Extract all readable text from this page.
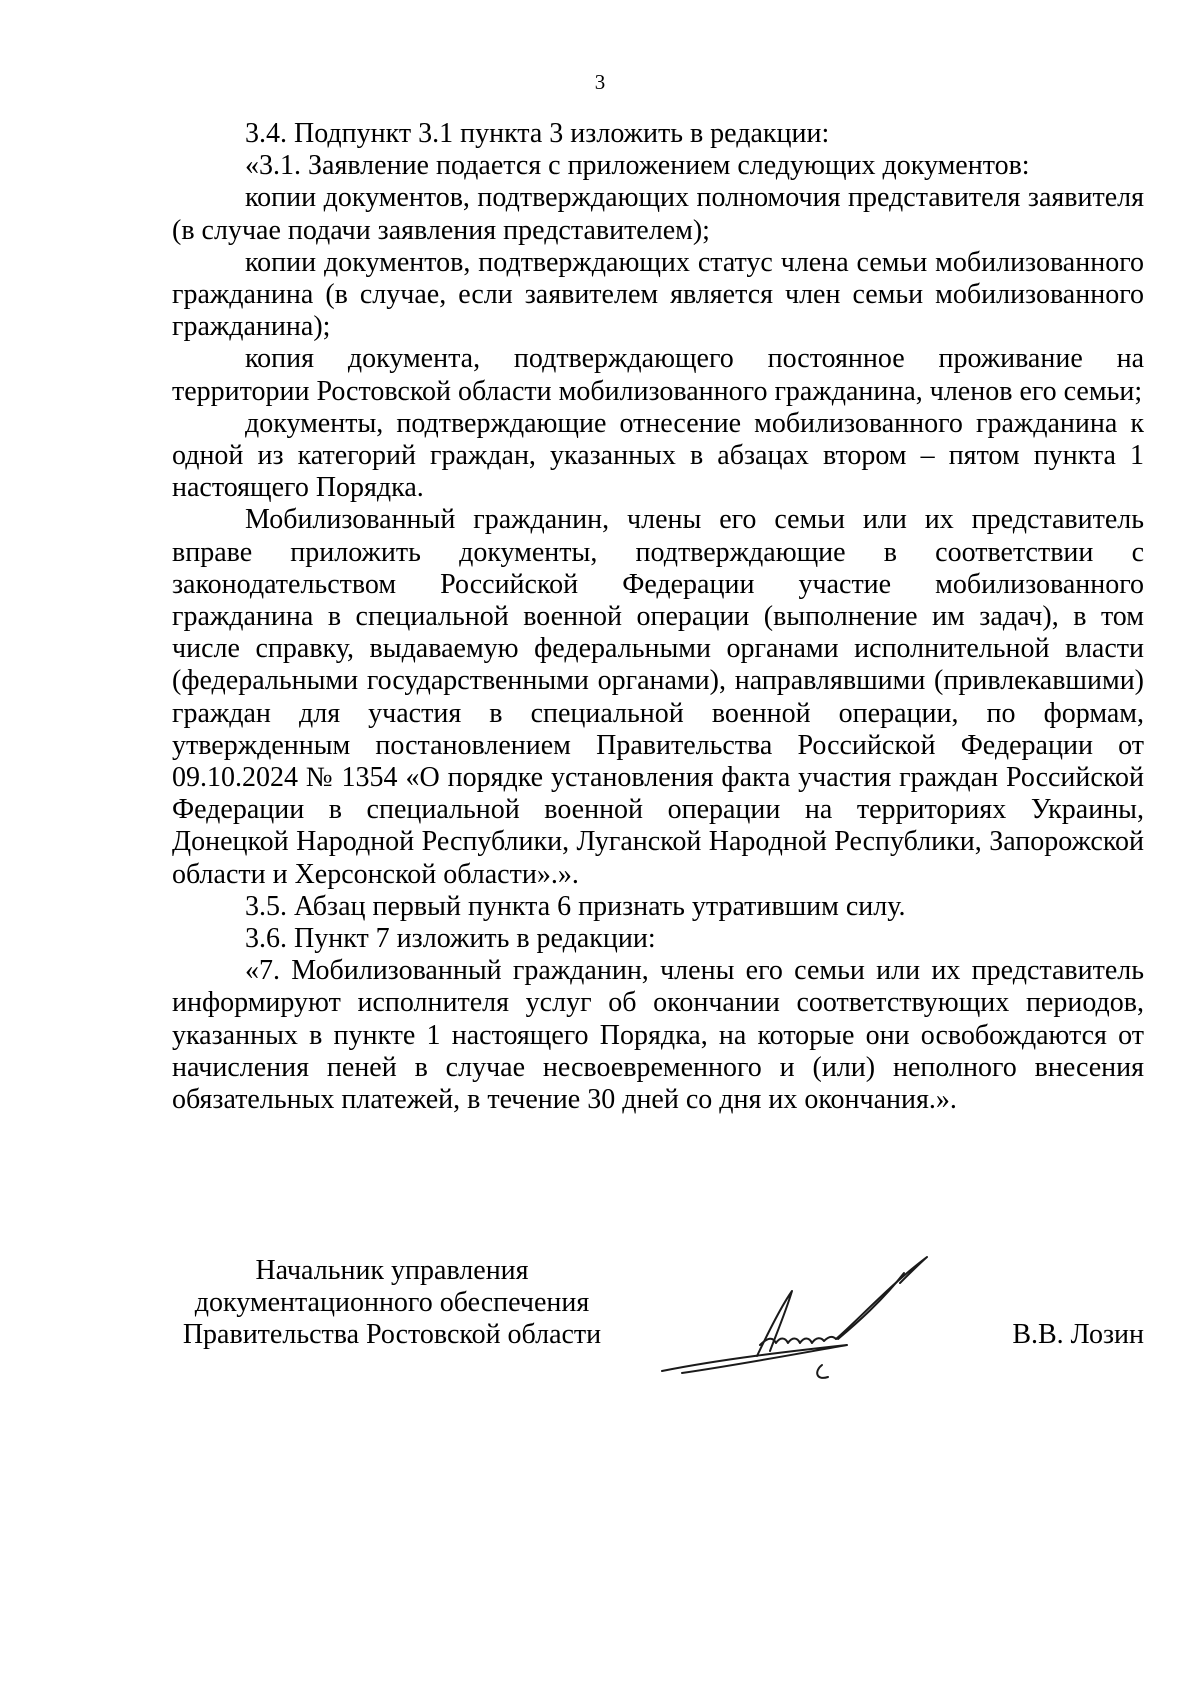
3

3.4. Подпункт 3.1 пункта 3 изложить в редакции:

«3.1. Заявление подается с приложением следующих документов:

копии документов, подтверждающих полномочия представителя заявителя (в случае подачи заявления представителем);

копии документов, подтверждающих статус члена семьи мобилизованного гражданина (в случае, если заявителем является член семьи мобилизованного гражданина);

копия документа, подтверждающего постоянное проживание на территории Ростовской области мобилизованного гражданина, членов его семьи;

документы, подтверждающие отнесение мобилизованного гражданина к одной из категорий граждан, указанных в абзацах втором – пятом пункта 1 настоящего Порядка.

Мобилизованный гражданин, члены его семьи или их представитель вправе приложить документы, подтверждающие в соответствии с законодательством Российской Федерации участие мобилизованного гражданина в специальной военной операции (выполнение им задач), в том числе справку, выдаваемую федеральными органами исполнительной власти (федеральными государственными органами), направлявшими (привлекавшими) граждан для участия в специальной военной операции, по формам, утвержденным постановлением Правительства Российской Федерации от 09.10.2024 № 1354 «О порядке установления факта участия граждан Российской Федерации в специальной военной операции на территориях Украины, Донецкой Народной Республики, Луганской Народной Республики, Запорожской области и Херсонской области».».

3.5. Абзац первый пункта 6 признать утратившим силу.

3.6. Пункт 7 изложить в редакции:

«7. Мобилизованный гражданин, члены его семьи или их представитель информируют исполнителя услуг об окончании соответствующих периодов, указанных в пункте 1 настоящего Порядка, на которые они освобождаются от начисления пеней в случае несвоевременного и (или) неполного внесения обязательных платежей, в течение 30 дней со дня их окончания.».

Начальник управления
документационного обеспечения
Правительства Ростовской области	В.В. Лозин
